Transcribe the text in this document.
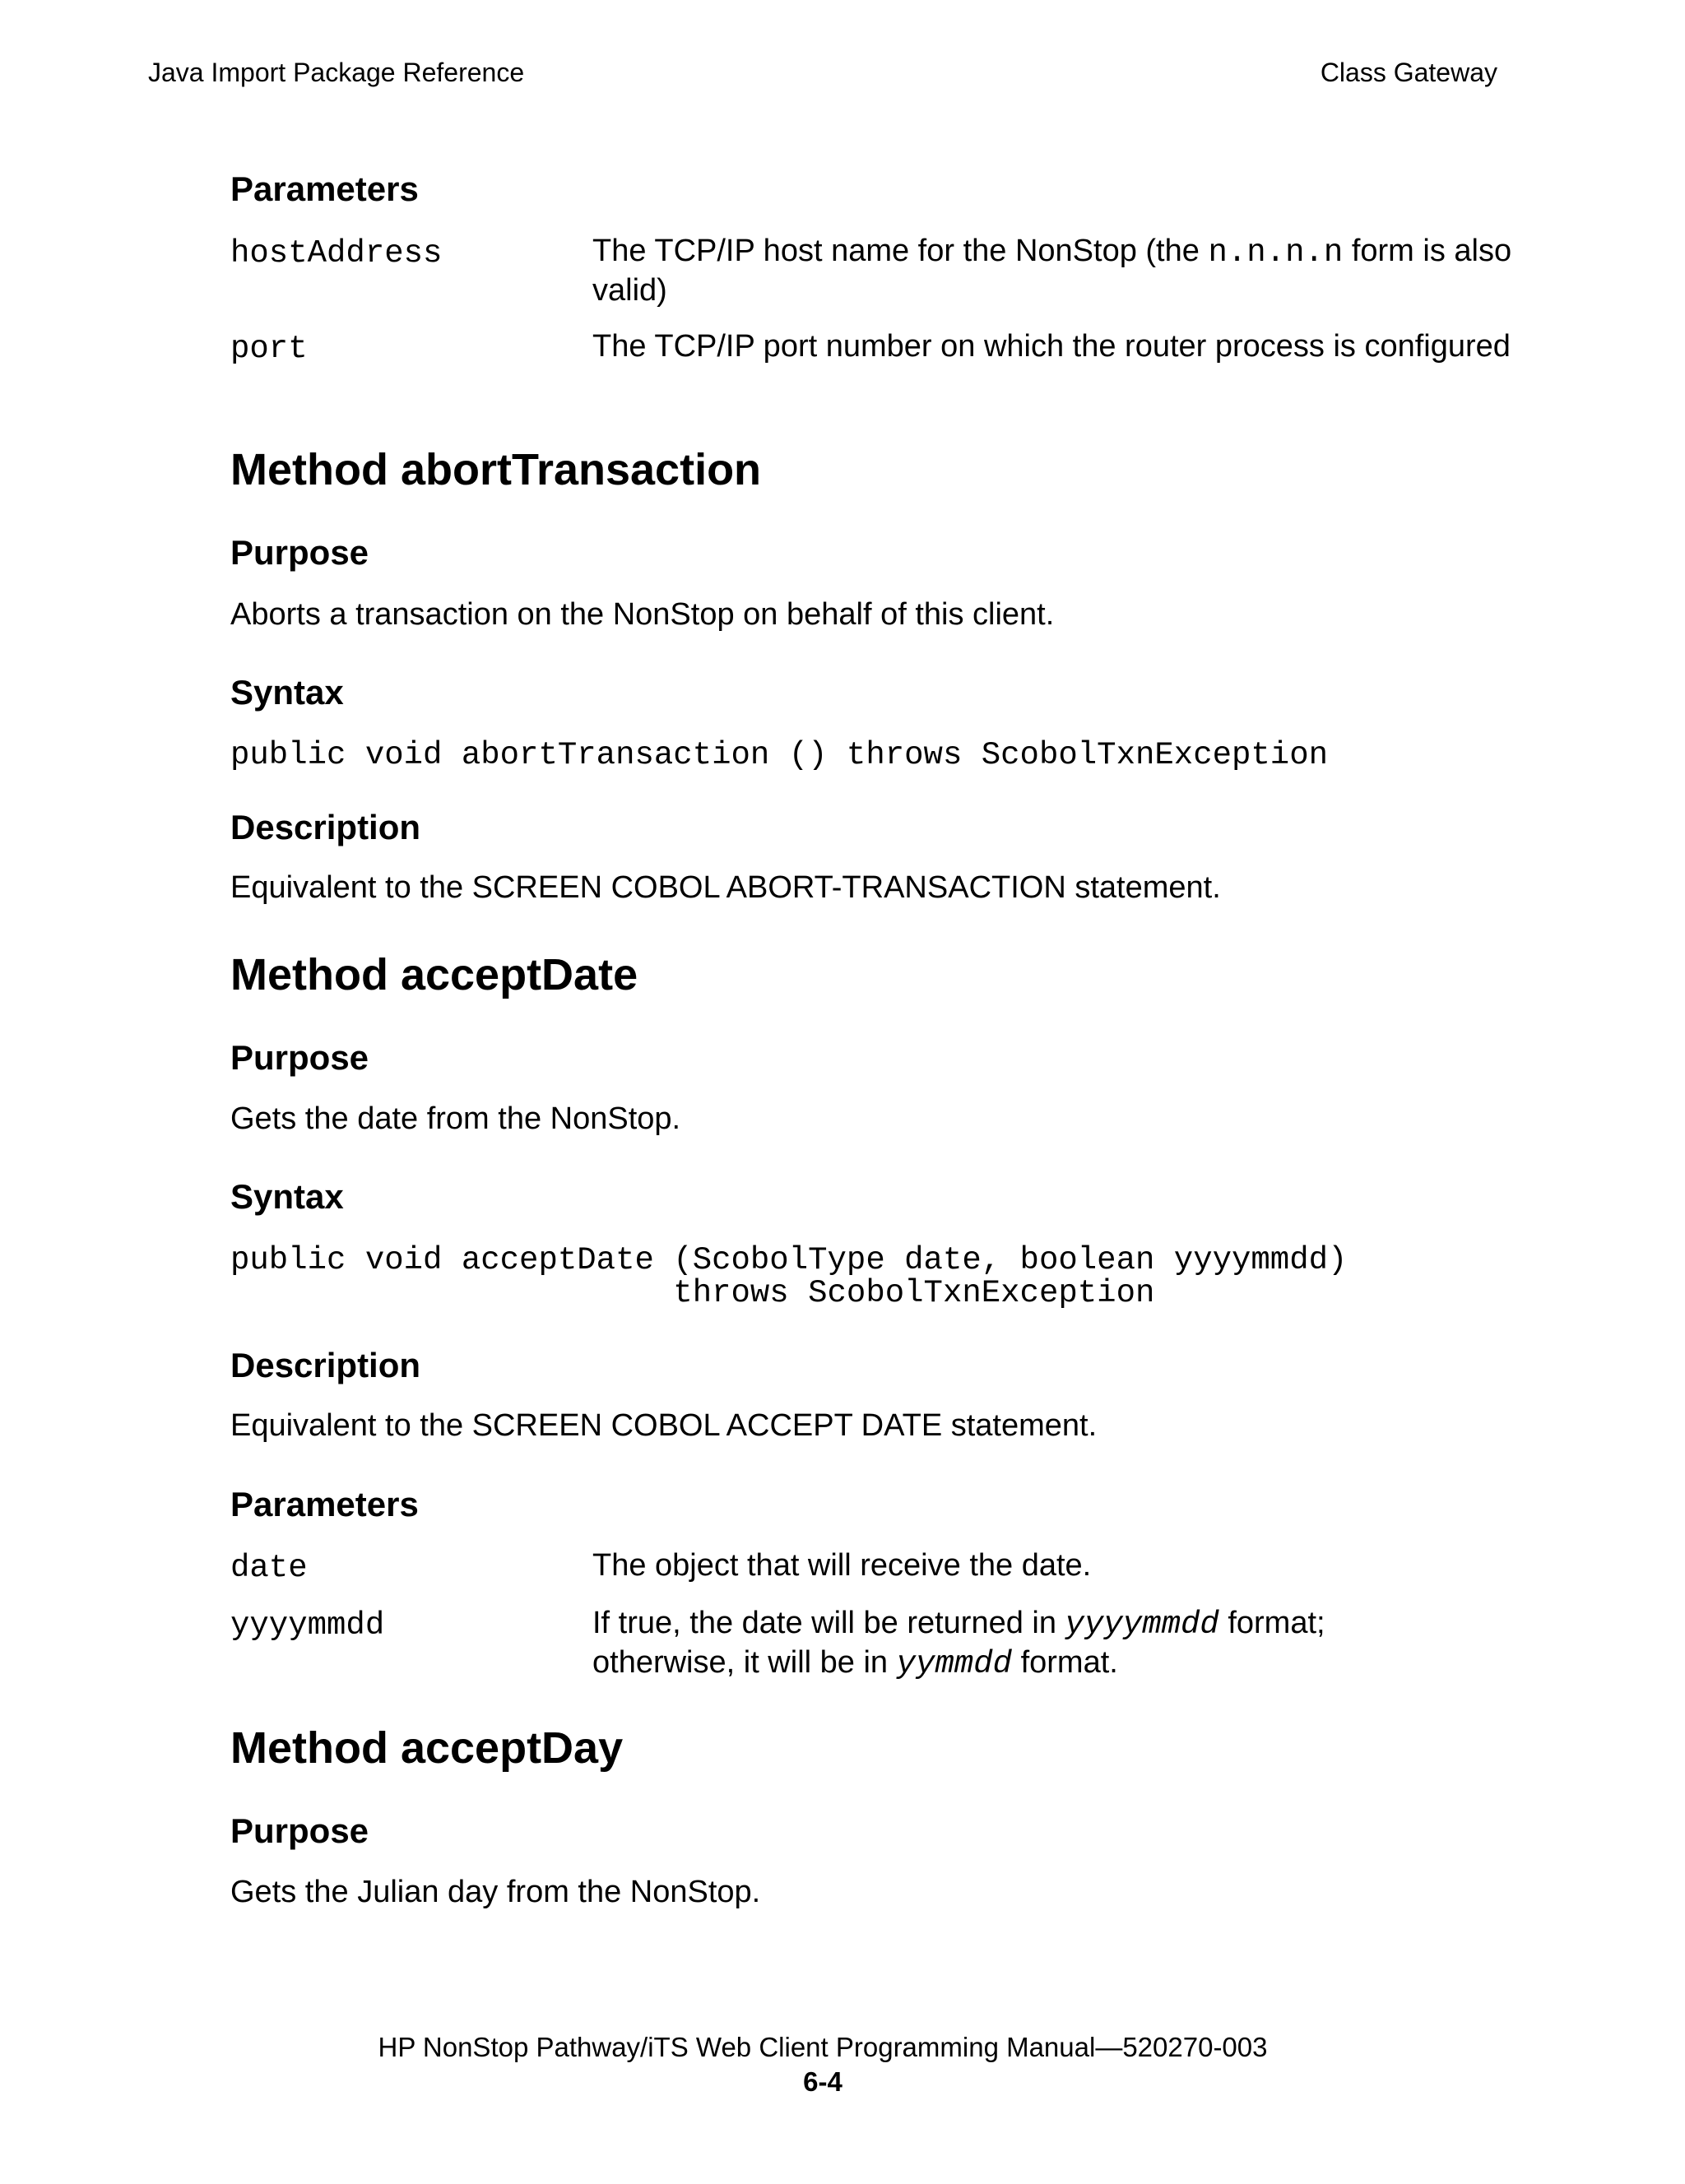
Java Import Package Reference	Class Gateway

Parameters

hostAddress	The TCP/IP host name for the NonStop (the n.n.n.n form is also valid)
port	The TCP/IP port number on which the router process is configured

Method abortTransaction

Purpose

Aborts a transaction on the NonStop on behalf of this client.

Syntax

public void abortTransaction () throws ScobolTxnException

Description

Equivalent to the SCREEN COBOL ABORT-TRANSACTION statement.

Method acceptDate

Purpose

Gets the date from the NonStop.

Syntax

public void acceptDate (ScobolType date, boolean yyyymmdd)

throws ScobolTxnException

Description

Equivalent to the SCREEN COBOL ACCEPT DATE statement.

Parameters

date	The object that will receive the date.
yyyymmdd	If true, the date will be returned in yyyymmdd format;
otherwise, it will be in yymmdd format.

Method acceptDay

Purpose

Gets the Julian day from the NonStop.

HP NonStop Pathway/iTS Web Client Programming Manual—520270-003
6-4
